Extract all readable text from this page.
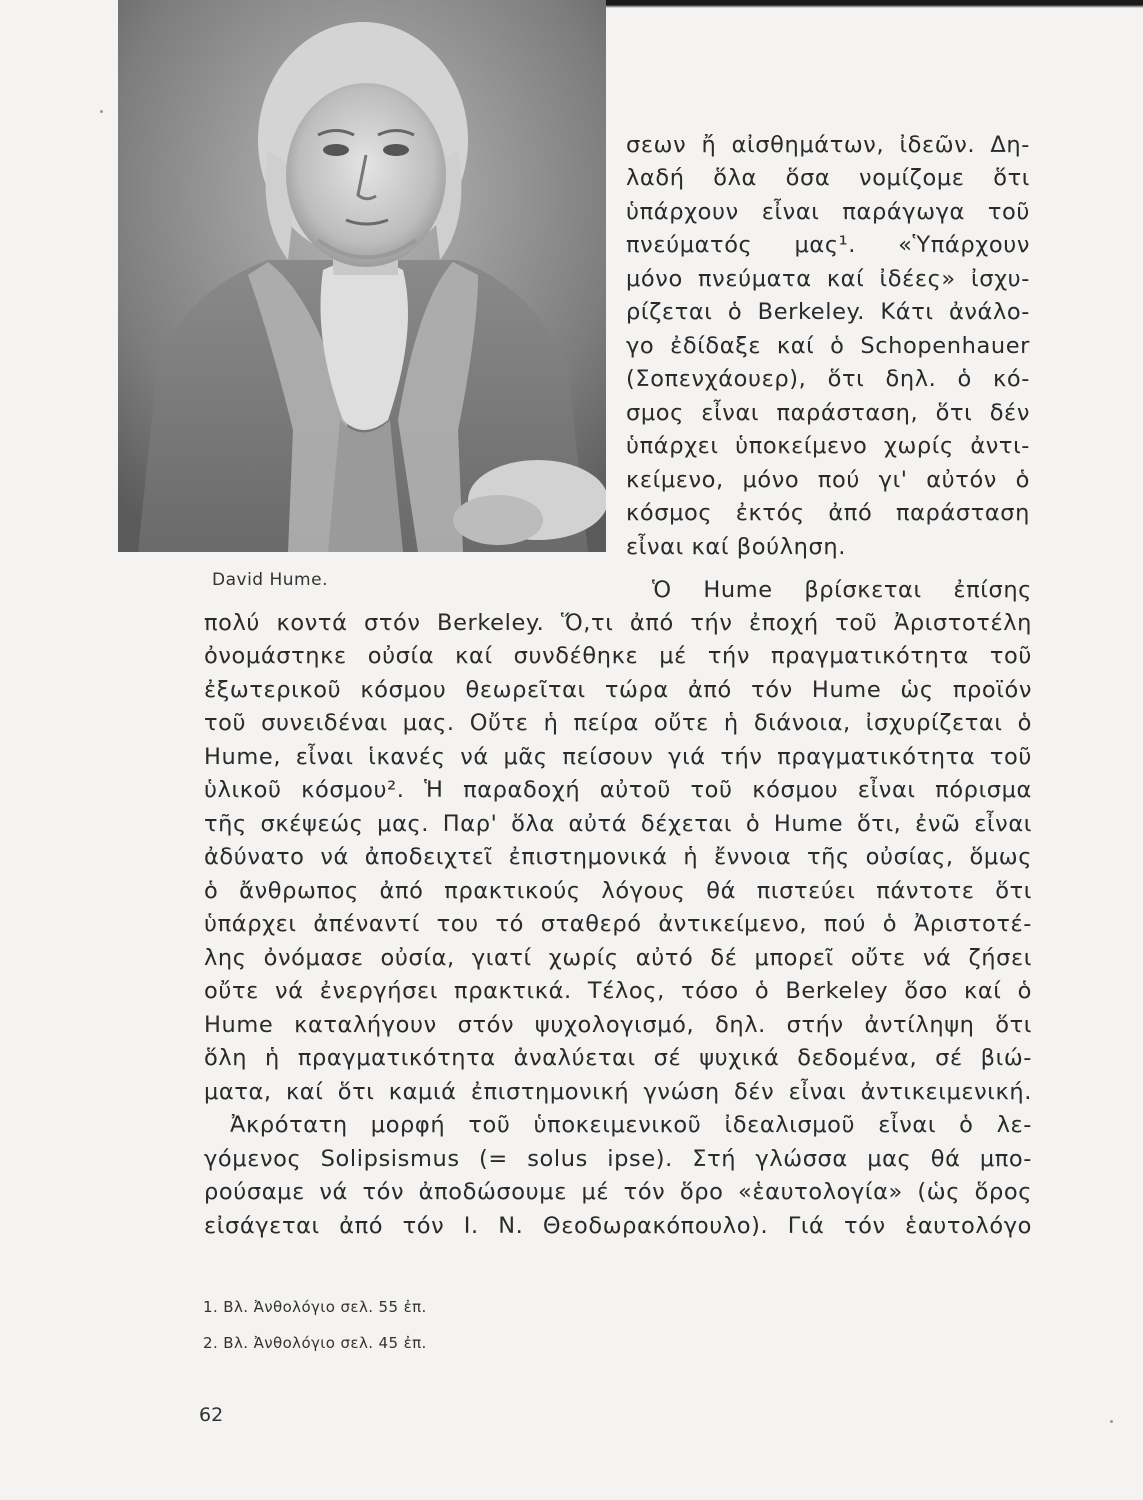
David Hume.
σεων ἤ αἰσθημάτων, ἰδεῶν. Δη-
λαδή ὅλα ὅσα νομίζομε ὅτι
ὑπάρχουν εἶναι παράγωγα τοῦ
πνεύματός μας¹. «Ὑπάρχουν
μόνο πνεύματα καί ἰδέες» ἰσχυ-
ρίζεται ὁ Berkeley. Κάτι ἀνάλο-
γο ἐδίδαξε καί ὁ Schopenhauer
(Σοπενχάουερ), ὅτι δηλ. ὁ κό-
σμος εἶναι παράσταση, ὅτι δέν
ὑπάρχει ὑποκείμενο χωρίς ἀντι-
κείμενο, μόνο πού γι' αὐτόν ὁ
κόσμος ἐκτός ἀπό παράσταση
εἶναι καί βούληση.
Ὁ Hume βρίσκεται ἐπίσης
πολύ κοντά στόν Berkeley. Ὅ,τι ἀπό τήν ἐποχή τοῦ Ἀριστοτέλη
ὀνομάστηκε οὐσία καί συνδέθηκε μέ τήν πραγματικότητα τοῦ
ἐξωτερικοῦ κόσμου θεωρεῖται τώρα ἀπό τόν Hume ὡς προϊόν
τοῦ συνειδέναι μας. Οὔτε ἡ πείρα οὔτε ἡ διάνοια, ἰσχυρίζεται ὁ
Hume, εἶναι ἱκανές νά μᾶς πείσουν γιά τήν πραγματικότητα τοῦ
ὑλικοῦ κόσμου². Ἡ παραδοχή αὐτοῦ τοῦ κόσμου εἶναι πόρισμα
τῆς σκέψεώς μας. Παρ' ὅλα αὐτά δέχεται ὁ Hume ὅτι, ἐνῶ εἶναι
ἀδύνατο νά ἀποδειχτεῖ ἐπιστημονικά ἡ ἔννοια τῆς οὐσίας, ὅμως
ὁ ἄνθρωπος ἀπό πρακτικούς λόγους θά πιστεύει πάντοτε ὅτι
ὑπάρχει ἀπέναντί του τό σταθερό ἀντικείμενο, πού ὁ Ἀριστοτέ-
λης ὀνόμασε οὐσία, γιατί χωρίς αὐτό δέ μπορεῖ οὔτε νά ζήσει
οὔτε νά ἐνεργήσει πρακτικά. Τέλος, τόσο ὁ Berkeley ὅσο καί ὁ
Hume καταλήγουν στόν ψυχολογισμό, δηλ. στήν ἀντίληψη ὅτι
ὅλη ἡ πραγματικότητα ἀναλύεται σέ ψυχικά δεδομένα, σέ βιώ-
ματα, καί ὅτι καμιά ἐπιστημονική γνώση δέν εἶναι ἀντικειμενική.
Ἀκρότατη μορφή τοῦ ὑποκειμενικοῦ ἰδεαλισμοῦ εἶναι ὁ λε-
γόμενος Solipsismus (= solus ipse). Στή γλώσσα μας θά μπο-
ρούσαμε νά τόν ἀποδώσουμε μέ τόν ὅρο «ἑαυτολογία» (ὡς ὅρος
εἰσάγεται ἀπό τόν Ι. Ν. Θεοδωρακόπουλο). Γιά τόν ἑαυτολόγο
1. Βλ. Ἀνθολόγιο σελ. 55 ἐπ.
2. Βλ. Ἀνθολόγιο σελ. 45 ἐπ.
62
